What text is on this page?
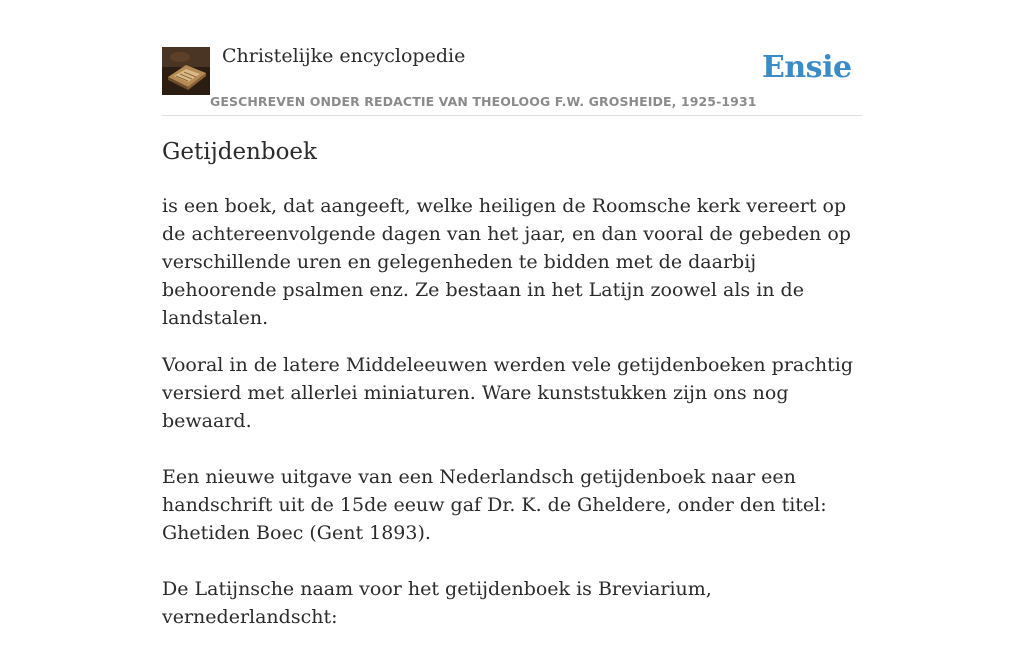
Christelijke encyclopedie
GESCHREVEN ONDER REDACTIE VAN THEOLOOG F.W. GROSHEIDE, 1925-1931
Ensie
Getijdenboek

is een boek, dat aangeeft, welke heiligen de Roomsche kerk vereert op de achtereenvolgende dagen van het jaar, en dan vooral de gebeden op verschillende uren en gelegenheden te bidden met de daarbij behoorende psalmen enz. Ze bestaan in het Latijn zoowel als in de landstalen.

Vooral in de latere Middeleeuwen werden vele getijdenboeken prachtig versierd met allerlei miniaturen. Ware kunststukken zijn ons nog bewaard.

Een nieuwe uitgave van een Nederlandsch getijdenboek naar een handschrift uit de 15de eeuw gaf Dr. K. de Gheldere, onder den titel: Ghetiden Boec (Gent 1893).

De Latijnsche naam voor het getijdenboek is Breviarium, vernederlandscht:
